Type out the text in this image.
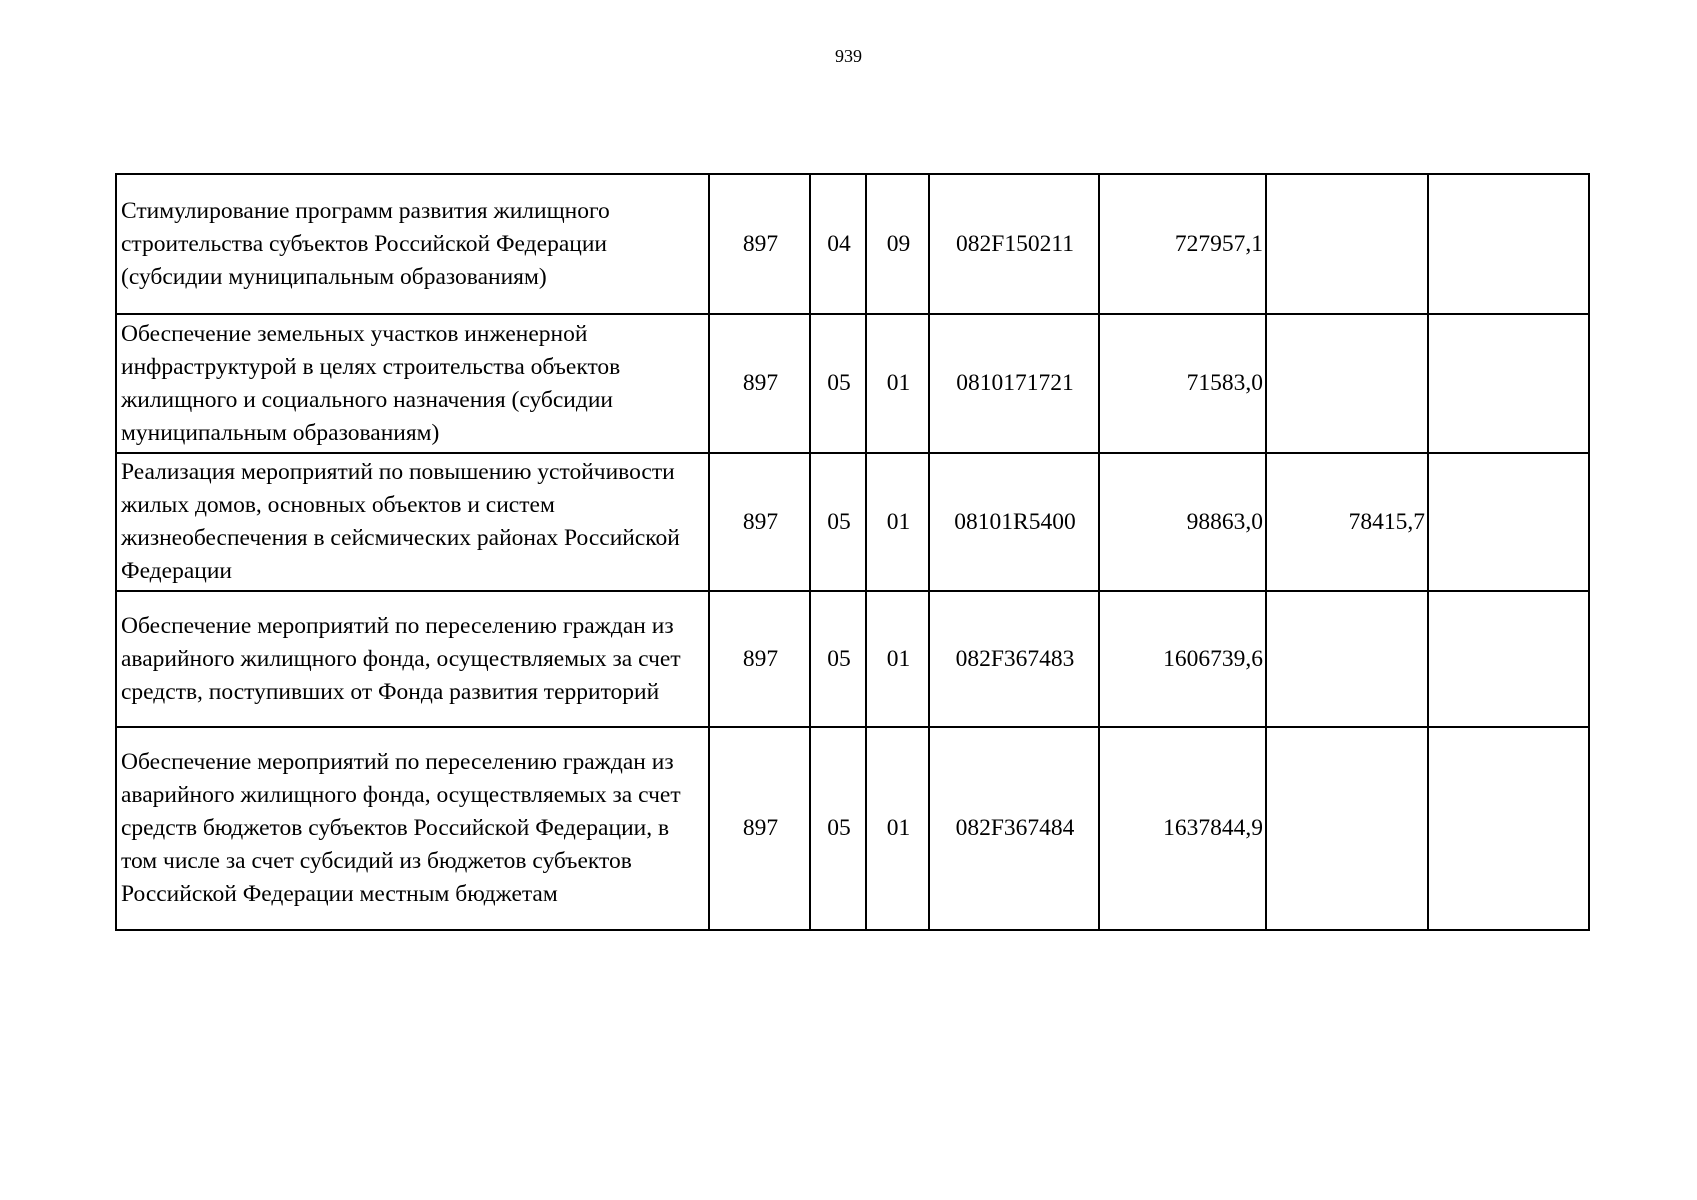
939
Стимулирование программ развития жилищного строительства субъектов Российской Федерации (субсидии муниципальным образованиям)	897	04	09	082F150211	727957,1		
Обеспечение земельных участков инженерной инфраструктурой в целях строительства объектов жилищного и социального назначения (субсидии муниципальным образованиям)	897	05	01	0810171721	71583,0		
Реализация мероприятий по повышению устойчивости жилых домов, основных объектов и систем жизнеобеспечения в сейсмических районах Российской Федерации	897	05	01	08101R5400	98863,0	78415,7	
Обеспечение мероприятий по переселению граждан из аварийного жилищного фонда, осуществляемых за счет средств, поступивших от Фонда развития территорий	897	05	01	082F367483	1606739,6		
Обеспечение мероприятий по переселению граждан из аварийного жилищного фонда, осуществляемых за счет средств бюджетов субъектов Российской Федерации, в том числе за счет субсидий из бюджетов субъектов Российской Федерации местным бюджетам	897	05	01	082F367484	1637844,9		
